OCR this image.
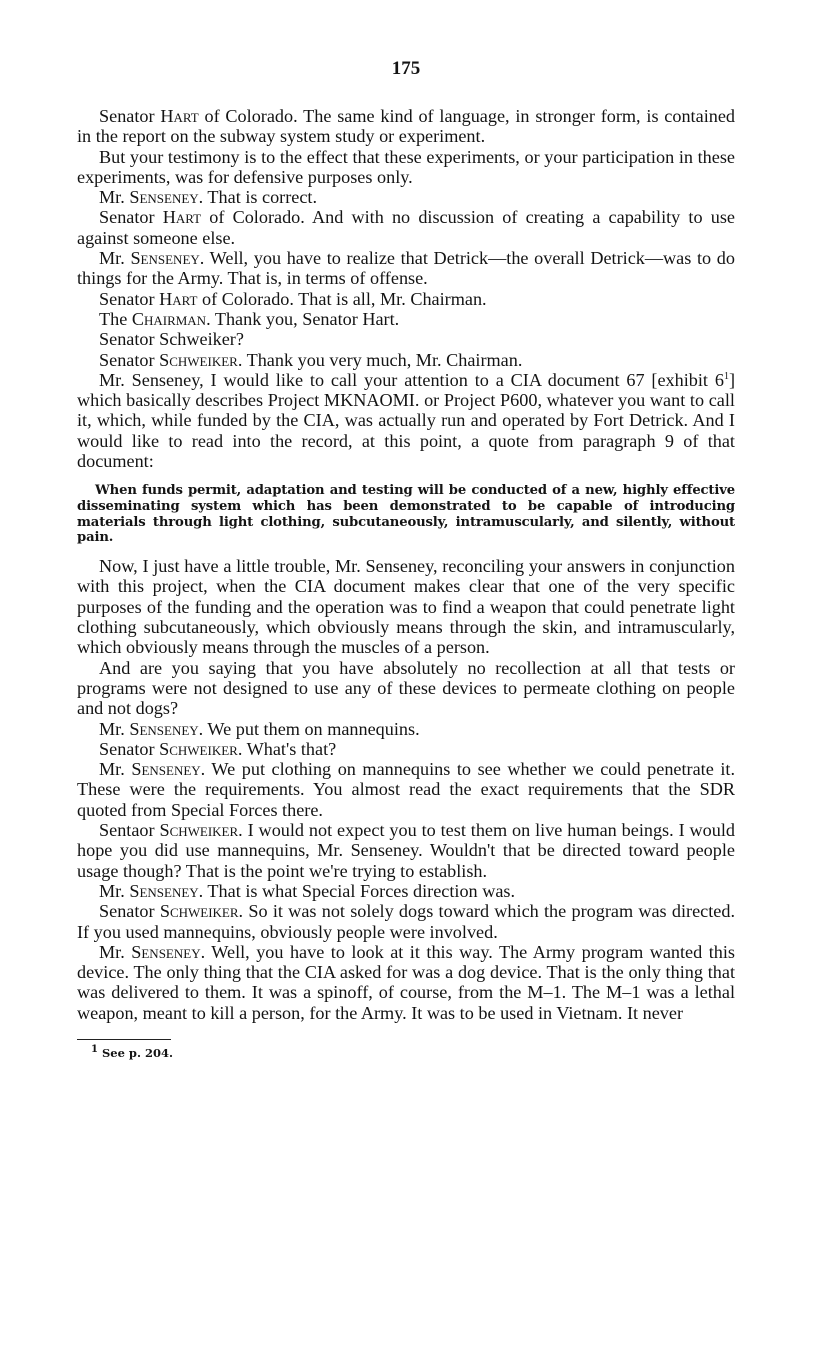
175

Senator Hart of Colorado. The same kind of language, in stronger form, is contained in the report on the subway system study or experiment.

But your testimony is to the effect that these experiments, or your participation in these experiments, was for defensive purposes only.

Mr. Senseney. That is correct.

Senator Hart of Colorado. And with no discussion of creating a capability to use against someone else.

Mr. Senseney. Well, you have to realize that Detrick—the overall Detrick—was to do things for the Army. That is, in terms of offense.

Senator Hart of Colorado. That is all, Mr. Chairman.

The Chairman. Thank you, Senator Hart.

Senator Schweiker?

Senator Schweiker. Thank you very much, Mr. Chairman.

Mr. Senseney, I would like to call your attention to a CIA document 67 [exhibit $6^1$] which basically describes Project MKNAOMI. or Project P600, whatever you want to call it, which, while funded by the CIA, was actually run and operated by Fort Detrick. And I would like to read into the record, at this point, a quote from paragraph 9 of that document:

When funds permit, adaptation and testing will be conducted of a new, highly effective disseminating system which has been demonstrated to be capable of introducing materials through light clothing, subcutaneously, intramuscularly, and silently, without pain.

Now, I just have a little trouble, Mr. Senseney, reconciling your answers in conjunction with this project, when the CIA document makes clear that one of the very specific purposes of the funding and the operation was to find a weapon that could penetrate light clothing subcutaneously, which obviously means through the skin, and intramuscularly, which obviously means through the muscles of a person.

And are you saying that you have absolutely no recollection at all that tests or programs were not designed to use any of these devices to permeate clothing on people and not dogs?

Mr. Senseney. We put them on mannequins.

Senator Schweiker. What's that?

Mr. Senseney. We put clothing on mannequins to see whether we could penetrate it. These were the requirements. You almost read the exact requirements that the SDR quoted from Special Forces there.

Sentaor Schweiker. I would not expect you to test them on live human beings. I would hope you did use mannequins, Mr. Senseney. Wouldn't that be directed toward people usage though? That is the point we're trying to establish.

Mr. Senseney. That is what Special Forces direction was.

Senator Schweiker. So it was not solely dogs toward which the program was directed. If you used mannequins, obviously people were involved.

Mr. Senseney. Well, you have to look at it this way. The Army program wanted this device. The only thing that the CIA asked for was a dog device. That is the only thing that was delivered to them. It was a spinoff, of course, from the M–1. The M–1 was a lethal weapon, meant to kill a person, for the Army. It was to be used in Vietnam. It never

$^1$ See p. 204.
